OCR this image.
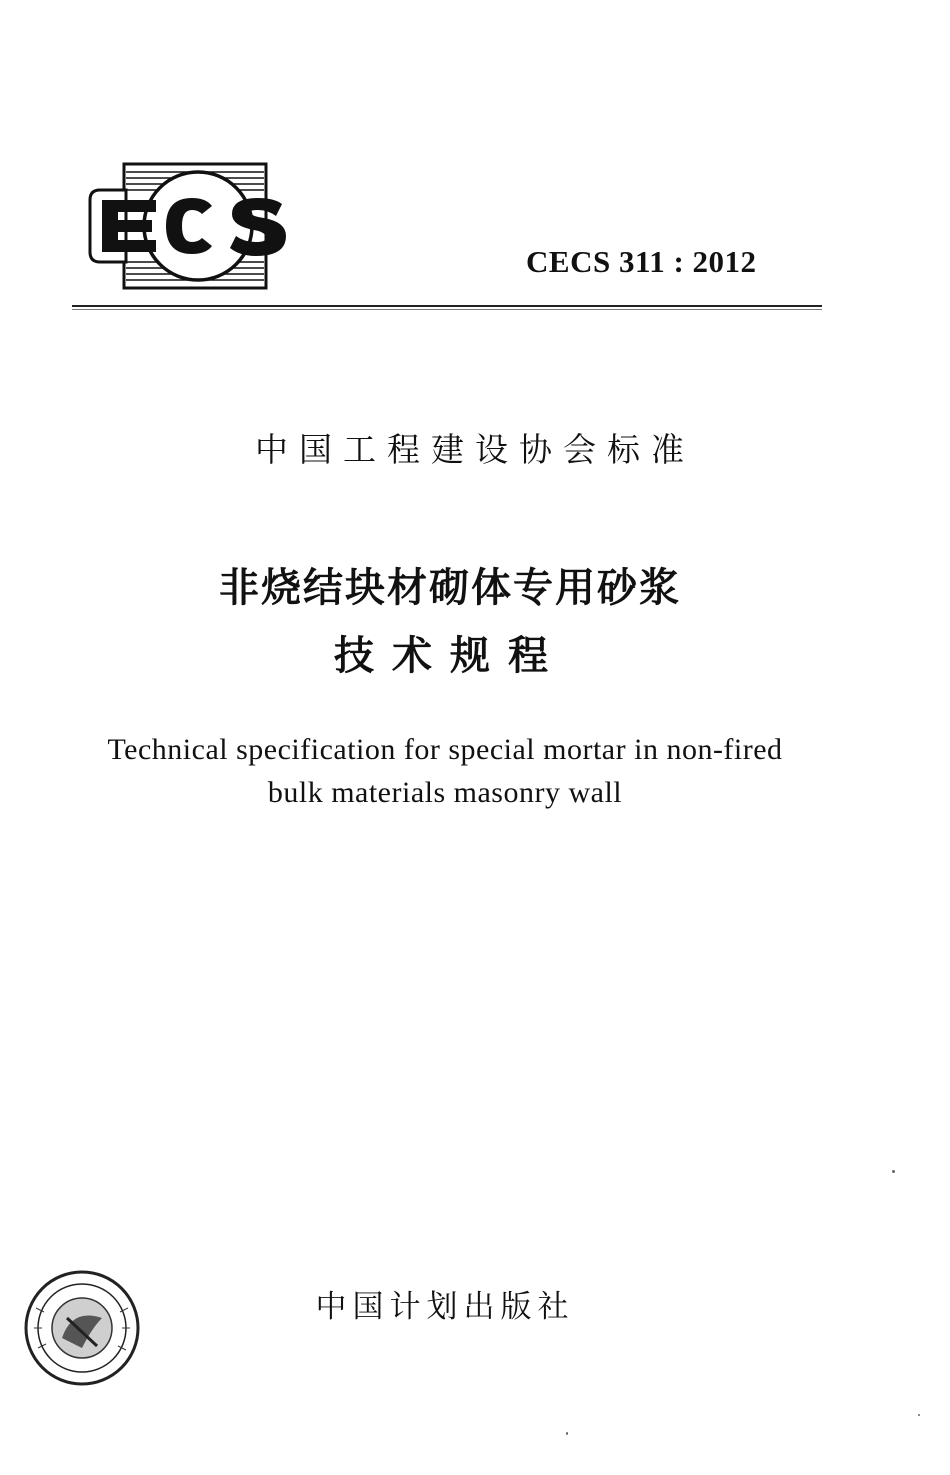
CECS 311 : 2012
中国工程建设协会标准
非烧结块材砌体专用砂浆
技术规程
Technical specification for special mortar in non-fired
bulk materials masonry wall
中国计划出版社
